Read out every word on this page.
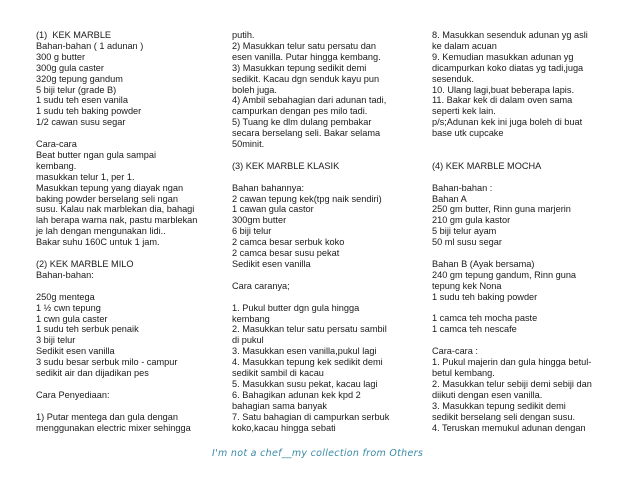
(1)  KEK MARBLE
Bahan-bahan ( 1 adunan )
300 g butter
300g gula caster
320g tepung gandum
5 biji telur (grade B)
1 sudu teh esen vanila
1 sudu teh baking powder
1/2 cawan susu segar
Cara-cara
Beat butter ngan gula sampai
kembang.
masukkan telur 1, per 1.
Masukkan tepung yang diayak ngan
baking powder berselang seli ngan
susu. Kalau nak marblekan dia, bahagi
lah berapa warna nak, pastu marblekan
je lah dengan mengunakan lidi..
Bakar suhu 160C untuk 1 jam.
(2) KEK MARBLE MILO
Bahan-bahan:
250g mentega
1 ½ cwn tepung
1 cwn gula caster
1 sudu teh serbuk penaik
3 biji telur
Sedikit esen vanilla
3 sudu besar serbuk milo - campur
sedikit air dan dijadikan pes
Cara Penyediaan:
1) Putar mentega dan gula dengan
menggunakan electric mixer sehingga
putih.
2) Masukkan telur satu persatu dan
esen vanilla. Putar hingga kembang.
3) Masukkan tepung sedikit demi
sedikit. Kacau dgn senduk kayu pun
boleh juga.
4) Ambil sebahagian dari adunan tadi,
campurkan dengan pes milo tadi.
5) Tuang ke dlm dulang pembakar
secara berselang seli. Bakar selama
50minit.
(3) KEK MARBLE KLASIK
Bahan bahannya:
2 cawan tepung kek(tpg naik sendiri)
1 cawan gula castor
300gm butter
6 biji telur
2 camca besar serbuk koko
2 camca besar susu pekat
Sedikit esen vanilla
Cara caranya;
1. Pukul butter dgn gula hingga
kembang
2. Masukkan telur satu persatu sambil
di pukul
3. Masukkan esen vanilla,pukul lagi
4. Masukkan tepung kek sedikit demi
sedikit sambil di kacau
5. Masukkan susu pekat, kacau lagi
6. Bahagikan adunan kek kpd 2
bahagian sama banyak
7. Satu bahagian di campurkan serbuk
koko,kacau hingga sebati
8. Masukkan sesenduk adunan yg asli
ke dalam acuan
9. Kemudian masukkan adunan yg
dicampurkan koko diatas yg tadi,juga
sesenduk.
10. Ulang lagi,buat beberapa lapis.
11. Bakar kek di dalam oven sama
seperti kek lain.
p/s;Adunan kek ini juga boleh di buat
base utk cupcake
(4) KEK MARBLE MOCHA
Bahan-bahan :
Bahan A
250 gm butter, Rinn guna marjerin
210 gm gula kastor
5 biji telur ayam
50 ml susu segar
Bahan B (Ayak bersama)
240 gm tepung gandum, Rinn guna
tepung kek Nona
1 sudu teh baking powder
1 camca teh mocha paste
1 camca teh nescafe
Cara-cara :
1. Pukul majerin dan gula hingga betul-
betul kembang.
2. Masukkan telur sebiji demi sebiji dan
diikuti dengan esen vanilla.
3. Masukkan tepung sedikit demi
sedikit berselang seli dengan susu.
4. Teruskan memukul adunan dengan
I'm not a chef__my collection from Others
